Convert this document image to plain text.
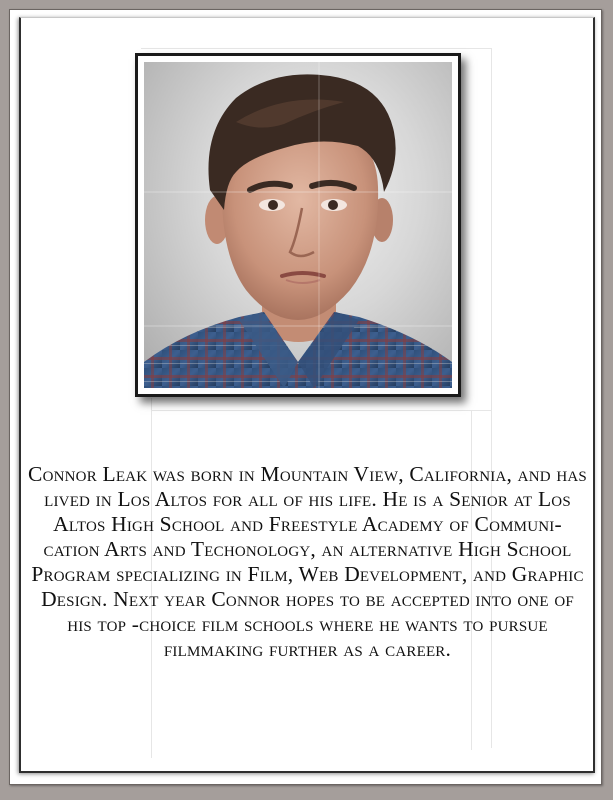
Connor Leak was born in Mountain View, California, and has lived in Los Altos for all of his life. He is a Senior at Los Altos High School and Freestyle Academy of Communi- cation Arts and Techonology, an alternative High School Program specializing in Film, Web Development, and Graphic Design. Next year Connor hopes to be accepted into one of his top -choice film schools where he wants to pursue filmmaking further as a career.
